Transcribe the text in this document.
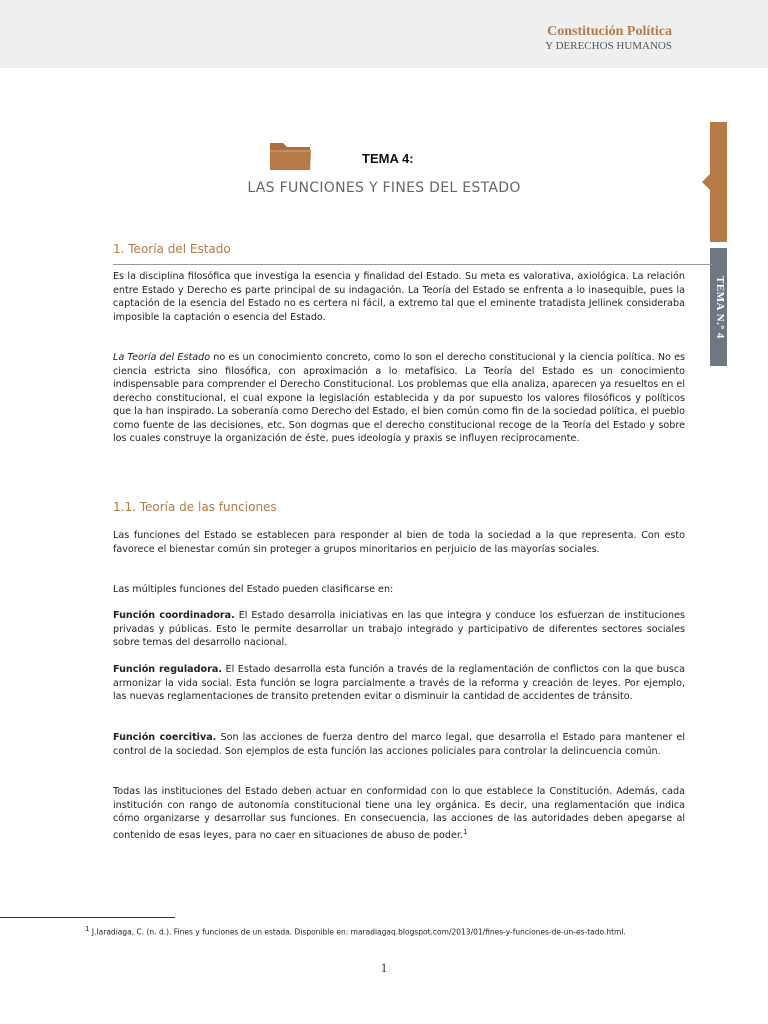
Constitución Política
Y DERECHOS HUMANOS
TEMA N.º 4
TEMA 4:
LAS FUNCIONES Y FINES DEL ESTADO
1. Teoría del Estado

Es la disciplina filosófica que investiga la esencia y finalidad del Estado. Su meta es valorativa, axiológica. La relación entre Estado y Derecho es parte principal de su indagación. La Teoría del Estado se enfrenta a lo inasequible, pues la captación de la esencia del Estado no es certera ni fácil, a extremo tal que el eminente tratadista Jellinek consideraba imposible la captación o esencia del Estado.

La Teoría del Estado no es un conocimiento concreto, como lo son el derecho constitucional y la ciencia política. No es ciencia estricta sino filosófica, con aproximación a lo metafísico. La Teoría del Estado es un conocimiento indispensable para comprender el Derecho Constitucional. Los problemas que ella analiza, aparecen ya resueltos en el derecho constitucional, el cual expone la legislación establecida y da por supuesto los valores filosóficos y políticos que la han inspirado. La soberanía como Derecho del Estado, el bien común como fin de la sociedad política, el pueblo como fuente de las decisiones, etc. Son dogmas que el derecho constitucional recoge de la Teoría del Estado y sobre los cuales construye la organización de éste, pues ideología y praxis se influyen recíprocamente.

1.1. Teoría de las funciones

Las funciones del Estado se establecen para responder al bien de toda la sociedad a la que representa. Con esto favorece el bienestar común sin proteger a grupos minoritarios en perjuicio de las mayorías sociales.

Las múltiples funciones del Estado pueden clasificarse en:

Función coordinadora. El Estado desarrolla iniciativas en las que integra y conduce los esfuerzan de instituciones privadas y públicas. Esto le permite desarrollar un trabajo integrado y participativo de diferentes sectores sociales sobre temas del desarrollo nacional.

Función reguladora. El Estado desarrolla esta función a través de la reglamentación de conflictos con la que busca armonizar la vida social. Esta función se logra parcialmente a través de la reforma y creación de leyes. Por ejemplo, las nuevas reglamentaciones de transito pretenden evitar o disminuir la cantidad de accidentes de tránsito.

Función coercitiva. Son las acciones de fuerza dentro del marco legal, que desarrolla el Estado para mantener el control de la sociedad. Son ejemplos de esta función las acciones policiales para controlar la delincuencia común.

Todas las instituciones del Estado deben actuar en conformidad con lo que establece la Constitución. Además, cada institución con rango de autonomía constitucional tiene una ley orgánica. Es decir, una reglamentación que indica cómo organizarse y desarrollar sus funciones. En consecuencia, las acciones de las autoridades deben apegarse al contenido de esas leyes, para no caer en situaciones de abuso de poder.$^1$

$^1$ J.Iaradiaga, C. (n. d.). Fines y funciones de un estada. Disponible en: maradiagaq.blogspot.com/2013/01/fines-y-funciones-de-un-es-tado.html.
1
